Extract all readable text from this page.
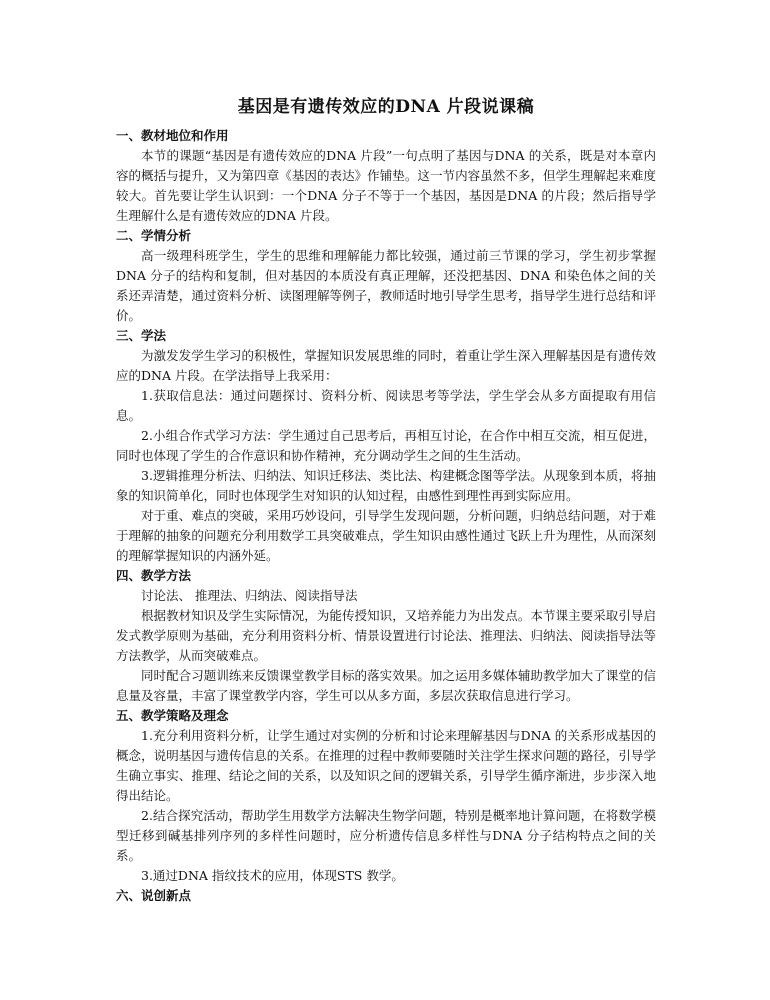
基因是有遗传效应的DNA 片段说课稿
一、教材地位和作用

本节的课题“基因是有遗传效应的DNA 片段”一句点明了基因与DNA 的关系，既是对本章内容的概括与提升，又为第四章《基因的表达》作铺垫。这一节内容虽然不多，但学生理解起来难度较大。首先要让学生认识到：一个DNA 分子不等于一个基因，基因是DNA 的片段；然后指导学生理解什么是有遗传效应的DNA 片段。

二、学情分析

高一级理科班学生，学生的思维和理解能力都比较强，通过前三节课的学习，学生初步掌握DNA 分子的结构和复制，但对基因的本质没有真正理解，还没把基因、DNA 和染色体之间的关系还弄清楚，通过资料分析、读图理解等例子，教师适时地引导学生思考，指导学生进行总结和评价。

三、学法

为激发发学生学习的积极性，掌握知识发展思维的同时，着重让学生深入理解基因是有遗传效应的DNA 片段。在学法指导上我采用：

1.获取信息法：通过问题探讨、资料分析、阅读思考等学法，学生学会从多方面提取有用信息。

2.小组合作式学习方法：学生通过自己思考后，再相互讨论，在合作中相互交流，相互促进，同时也体现了学生的合作意识和协作精神，充分调动学生之间的生生活动。

3.逻辑推理分析法、归纳法、知识迁移法、类比法、构建概念图等学法。从现象到本质，将抽象的知识简单化，同时也体现学生对知识的认知过程，由感性到理性再到实际应用。

对于重、难点的突破，采用巧妙设问，引导学生发现问题，分析问题，归纳总结问题，对于难于理解的抽象的问题充分利用数学工具突破难点，学生知识由感性通过飞跃上升为理性，从而深刻的理解掌握知识的内涵外延。

四、教学方法

讨论法、 推理法、归纳法、阅读指导法

根据教材知识及学生实际情况，为能传授知识，又培养能力为出发点。本节课主要采取引导启发式教学原则为基础，充分利用资料分析、情景设置进行讨论法、推理法、归纳法、阅读指导法等方法教学，从而突破难点。

同时配合习题训练来反馈课堂教学目标的落实效果。加之运用多媒体辅助教学加大了课堂的信息量及容量，丰富了课堂教学内容，学生可以从多方面，多层次获取信息进行学习。

五、教学策略及理念

1.充分利用资料分析，让学生通过对实例的分析和讨论来理解基因与DNA 的关系形成基因的概念，说明基因与遗传信息的关系。在推理的过程中教师要随时关注学生探求问题的路径，引导学生确立事实、推理、结论之间的关系，以及知识之间的逻辑关系，引导学生循序渐进，步步深入地得出结论。

2.结合探究活动，帮助学生用数学方法解决生物学问题，特别是概率地计算问题，在将数学模型迁移到碱基排列序列的多样性问题时，应分析遗传信息多样性与DNA 分子结构特点之间的关系。

3.通过DNA 指纹技术的应用，体现STS 教学。

六、说创新点
